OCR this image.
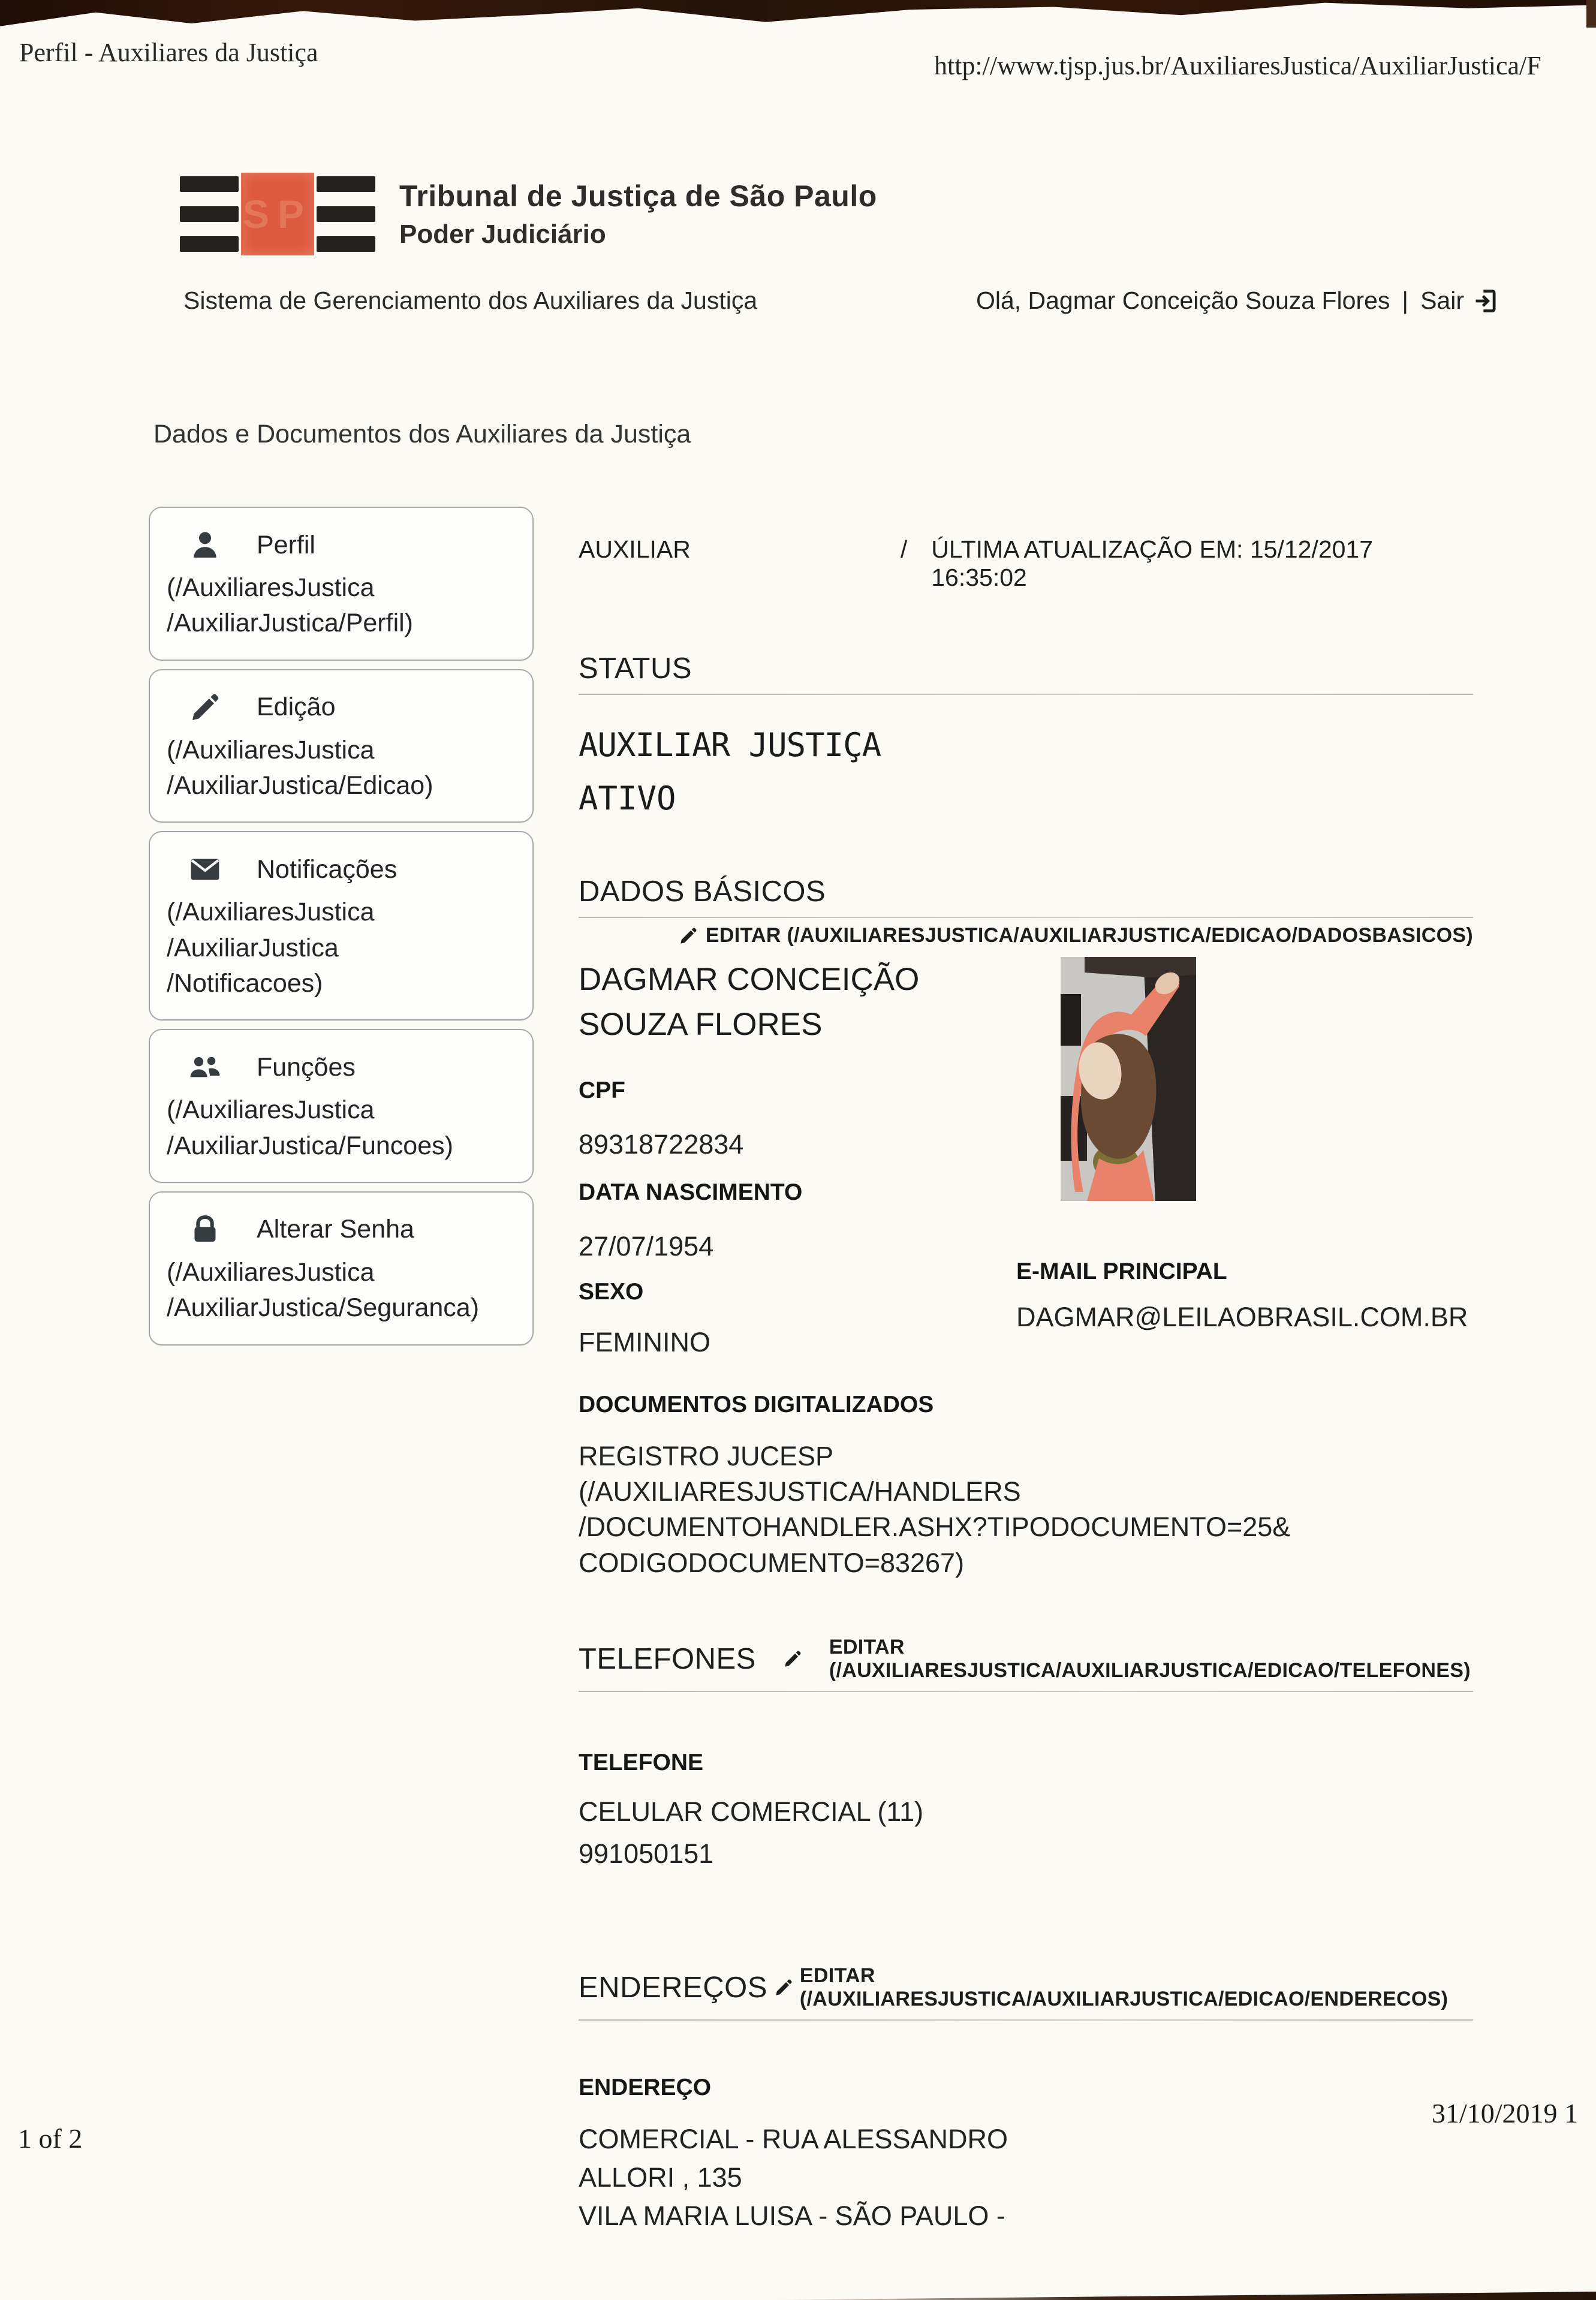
Perfil - Auxiliares da Justiça	http://www.tjsp.jus.br/AuxiliaresJustica/AuxiliarJustica/F
SP	Tribunal de Justiça de São Paulo
Poder Judiciário
Sistema de Gerenciamento dos Auxiliares da Justiça	Olá, Dagmar Conceição Souza Flores | Sair
Dados e Documentos dos Auxiliares da Justiça
Perfil
(/AuxiliaresJustica
/AuxiliarJustica/Perfil)
Edição
(/AuxiliaresJustica
/AuxiliarJustica/Edicao)
Notificações
(/AuxiliaresJustica
/AuxiliarJustica
/Notificacoes)
Funções
(/AuxiliaresJustica
/AuxiliarJustica/Funcoes)
Alterar Senha
(/AuxiliaresJustica
/AuxiliarJustica/Seguranca)
AUXILIAR	/ ÚLTIMA ATUALIZAÇÃO EM: 15/12/2017 16:35:02
STATUS
AUXILIAR JUSTIÇA
ATIVO
DADOS BÁSICOS
EDITAR (/AUXILIARESJUSTICA/AUXILIARJUSTICA/EDICAO/DADOSBASICOS)
DAGMAR CONCEIÇÃO
SOUZA FLORES
CPF
89318722834
DATA NASCIMENTO
27/07/1954
SEXO
FEMININO
E-MAIL PRINCIPAL
DAGMAR@LEILAOBRASIL.COM.BR
DOCUMENTOS DIGITALIZADOS
REGISTRO JUCESP
(/AUXILIARESJUSTICA/HANDLERS
/DOCUMENTOHANDLER.ASHX?TIPODOCUMENTO=25&
CODIGODOCUMENTO=83267)
TELEFONES	EDITAR (/AUXILIARESJUSTICA/AUXILIARJUSTICA/EDICAO/TELEFONES)
TELEFONE
CELULAR COMERCIAL (11)
991050151
ENDEREÇOS EDITAR (/AUXILIARESJUSTICA/AUXILIARJUSTICA/EDICAO/ENDERECOS)
ENDEREÇO
COMERCIAL - RUA ALESSANDRO
ALLORI , 135
VILA MARIA LUISA - SÃO PAULO -
1 of 2
31/10/2019 1
